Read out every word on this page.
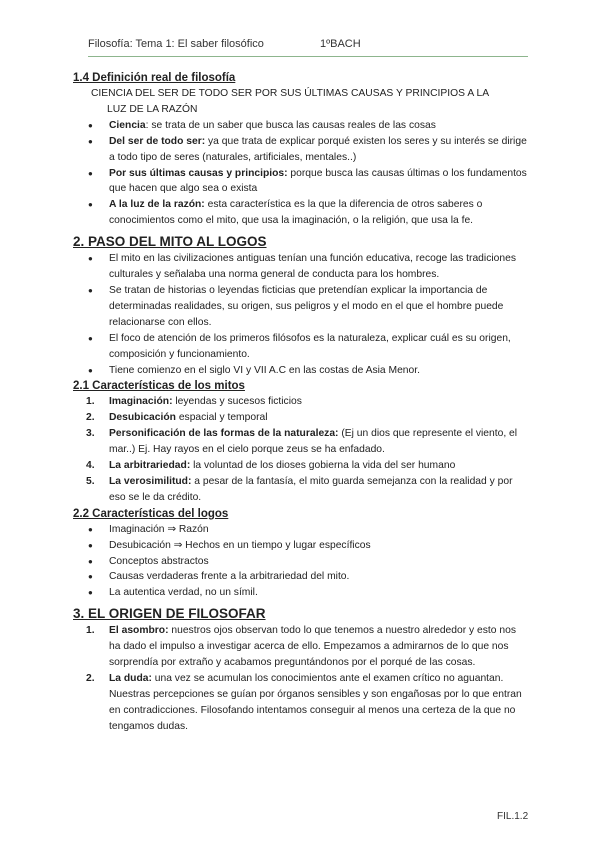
Filosofía: Tema 1: El saber filosófico	1ºBACH
1.4 Definición real de filosofía

CIENCIA DEL SER DE TODO SER POR SUS ÚLTIMAS CAUSAS Y PRINCIPIOS A LA

LUZ DE LA RAZÓN

● Ciencia: se trata de un saber que busca las causas reales de las cosas

● Del ser de todo ser: ya que trata de explicar porqué existen los seres y su interés se dirige a todo tipo de seres (naturales, artificiales, mentales..)

● Por sus últimas causas y principios: porque busca las causas últimas o los fundamentos que hacen que algo sea o exista

● A la luz de la razón: esta característica es la que la diferencia de otros saberes o conocimientos como el mito, que usa la imaginación, o la religión, que usa la fe.

2. PASO DEL MITO AL LOGOS
● El mito en las civilizaciones antiguas tenían una función educativa, recoge las tradiciones culturales y señalaba una norma general de conducta para los hombres.

● Se tratan de historias o leyendas ficticias que pretendían explicar la importancia de determinadas realidades, su origen, sus peligros y el modo en el que el hombre puede relacionarse con ellos.

● El foco de atención de los primeros filósofos es la naturaleza, explicar cuál es su origen, composición y funcionamiento.

● Tiene comienzo en el siglo VI y VII A.C en las costas de Asia Menor.

2.1 Características de los mitos
1. Imaginación: leyendas y sucesos ficticios

2. Desubicación espacial y temporal

3. Personificación de las formas de la naturaleza: (Ej un dios que represente el viento, el mar..) Ej. Hay rayos en el cielo porque zeus se ha enfadado.

4. La arbitrariedad: la voluntad de los dioses gobierna la vida del ser humano

5. La verosimilitud: a pesar de la fantasía, el mito guarda semejanza con la realidad y por eso se le da crédito.

2.2 Características del logos
● Imaginación ⇒ Razón

● Desubicación ⇒ Hechos en un tiempo y lugar específicos

● Conceptos abstractos

● Causas verdaderas frente a la arbitrariedad del mito.

● La autentica verdad, no un símil.

3. EL ORIGEN DE FILOSOFAR
1. El asombro: nuestros ojos observan todo lo que tenemos a nuestro alrededor y esto nos ha dado el impulso a investigar acerca de ello. Empezamos a admirarnos de lo que nos sorprendía por extraño y acabamos preguntándonos por el porqué de las cosas.

2. La duda: una vez se acumulan los conocimientos ante el examen crítico no aguantan. Nuestras percepciones se guían por órganos sensibles y son engañosas por lo que entran en contradicciones. Filosofando intentamos conseguir al menos una certeza de la que no tengamos dudas.

FIL.1.2
